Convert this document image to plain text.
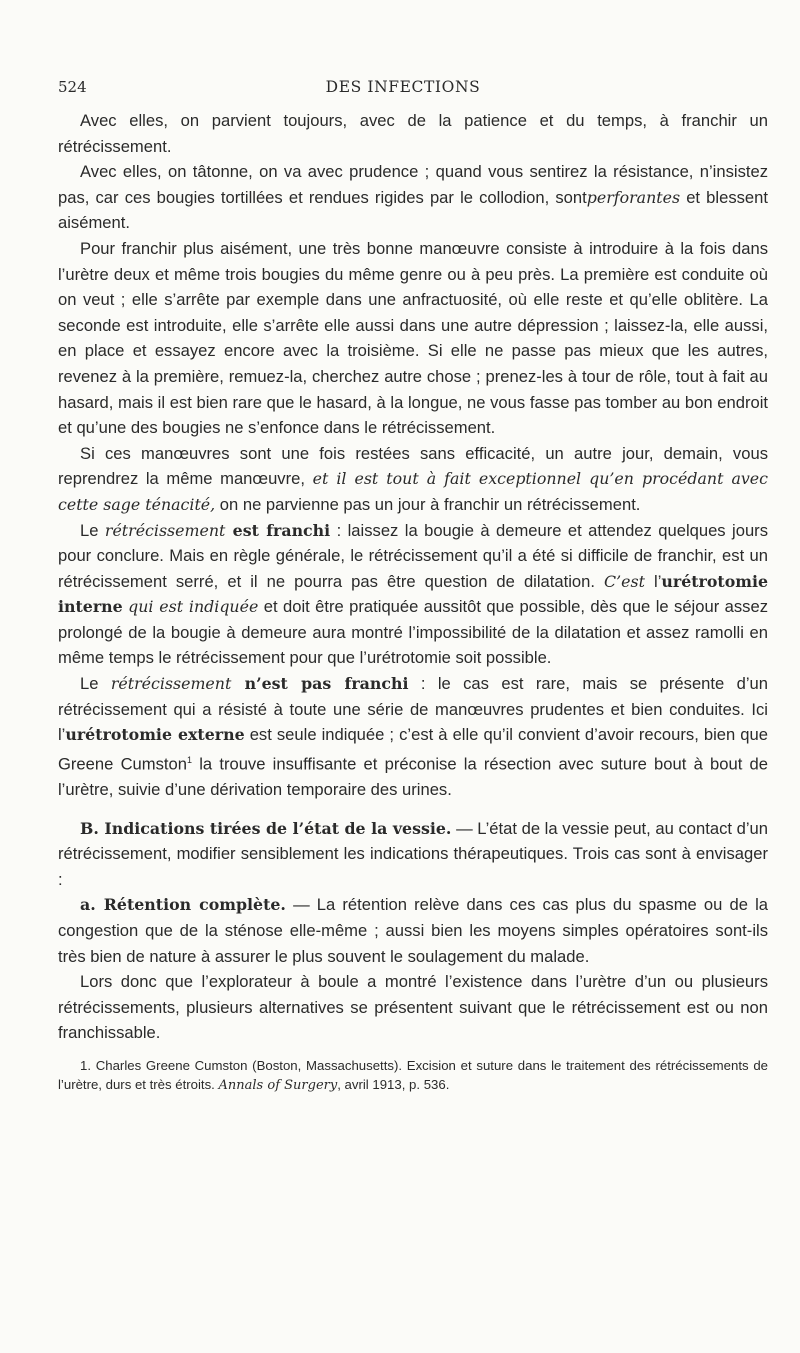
524	DES INFECTIONS

Avec elles, on parvient toujours, avec de la patience et du temps, à franchir un rétrécissement.

Avec elles, on tâtonne, on va avec prudence ; quand vous sentirez la résistance, n’insistez pas, car ces bougies tortillées et rendues rigides par le collodion, sontperforantes et blessent aisément.

Pour franchir plus aisément, une très bonne manœuvre consiste à introduire à la fois dans l’urètre deux et même trois bougies du même genre ou à peu près. La première est conduite où on veut ; elle s’arrête par exemple dans une anfractuosité, où elle reste et qu’elle oblitère. La seconde est introduite, elle s’arrête elle aussi dans une autre dépression ; laissez-la, elle aussi, en place et essayez encore avec la troisième. Si elle ne passe pas mieux que les autres, revenez à la première, remuez-la, cherchez autre chose ; prenez-les à tour de rôle, tout à fait au hasard, mais il est bien rare que le hasard, à la longue, ne vous fasse pas tomber au bon endroit et qu’une des bougies ne s’enfonce dans le rétrécissement.

Si ces manœuvres sont une fois restées sans efficacité, un autre jour, demain, vous reprendrez la même manœuvre, et il est tout à fait exceptionnel qu’en procédant avec cette sage ténacité, on ne parvienne pas un jour à franchir un rétrécissement.

Le rétrécissement est franchi : laissez la bougie à demeure et attendez quelques jours pour conclure. Mais en règle générale, le rétrécissement qu’il a été si difficile de franchir, est un rétrécissement serré, et il ne pourra pas être question de dilatation. C’est l’urétrotomie interne qui est indiquée et doit être pratiquée aussitôt que possible, dès que le séjour assez prolongé de la bougie à demeure aura montré l’impossibilité de la dilatation et assez ramolli en même temps le rétrécissement pour que l’urétrotomie soit possible.

Le rétrécissement n’est pas franchi : le cas est rare, mais se présente d’un rétrécissement qui a résisté à toute une série de manœuvres prudentes et bien conduites. Ici l’urétrotomie externe est seule indiquée ; c’est à elle qu’il convient d’avoir recours, bien que Greene Cumston$^1$ la trouve insuffisante et préconise la résection avec suture bout à bout de l’urètre, suivie d’une dérivation temporaire des urines.

B. Indications tirées de l’état de la vessie. — L’état de la vessie peut, au contact d’un rétrécissement, modifier sensiblement les indications thérapeutiques. Trois cas sont à envisager :

a. Rétention complète. — La rétention relève dans ces cas plus du spasme ou de la congestion que de la sténose elle-même ; aussi bien les moyens simples opératoires sont-ils très bien de nature à assurer le plus souvent le soulagement du malade.

Lors donc que l’explorateur à boule a montré l’existence dans l’urètre d’un ou plusieurs rétrécissements, plusieurs alternatives se présentent suivant que le rétrécissement est ou non franchissable.

1. Charles Greene Cumston (Boston, Massachusetts). Excision et suture dans le traitement des rétrécissements de l’urètre, durs et très étroits. Annals of Surgery, avril 1913, p. 536.
